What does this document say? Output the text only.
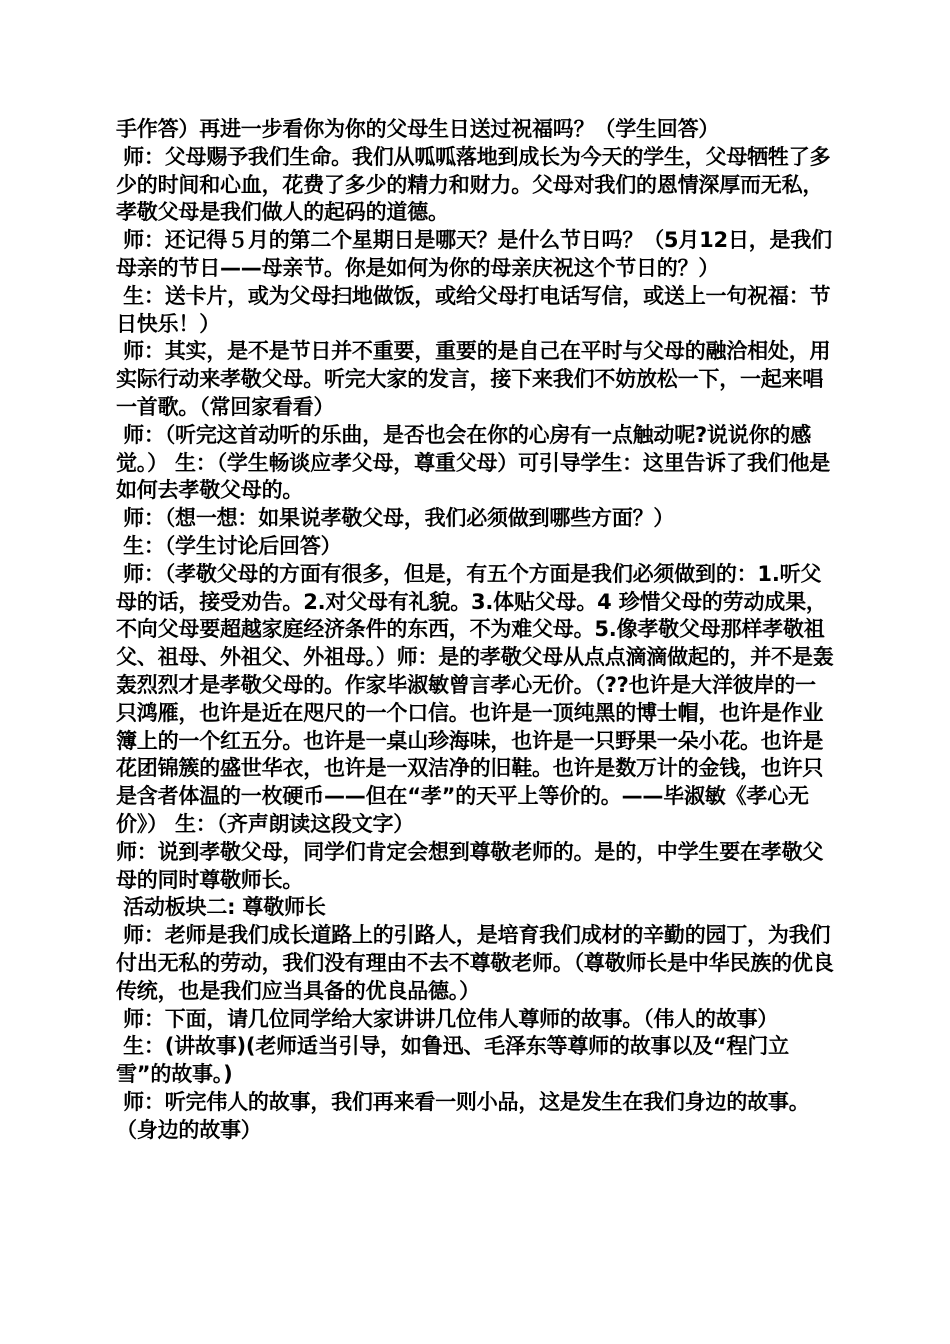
手作答）再进一步看你为你的父母生日送过祝福吗？（学生回答）

师：父母赐予我们生命。我们从呱呱落地到成长为今天的学生，父母牺牲了多少的时间和心血，花费了多少的精力和财力。父母对我们的恩情深厚而无私，孝敬父母是我们做人的起码的道德。

师：还记得５月的第二个星期日是哪天？是什么节日吗？（5月12日，是我们母亲的节日——母亲节。你是如何为你的母亲庆祝这个节日的？）

生：送卡片，或为父母扫地做饭，或给父母打电话写信，或送上一句祝福：节日快乐！）

师：其实，是不是节日并不重要，重要的是自己在平时与父母的融洽相处，用实际行动来孝敬父母。听完大家的发言，接下来我们不妨放松一下，一起来唱一首歌。（常回家看看）

师：（听完这首动听的乐曲，是否也会在你的心房有一点触动呢?说说你的感觉。） 生：（学生畅谈应孝父母，尊重父母）可引导学生：这里告诉了我们他是如何去孝敬父母的。

师：（想一想：如果说孝敬父母，我们必须做到哪些方面？）

生：（学生讨论后回答）

师：（孝敬父母的方面有很多，但是，有五个方面是我们必须做到的：1.听父母的话，接受劝告。2.对父母有礼貌。3.体贴父母。4 珍惜父母的劳动成果，不向父母要超越家庭经济条件的东西，不为难父母。5.像孝敬父母那样孝敬祖父、祖母、外祖父、外祖母。）师：是的孝敬父母从点点滴滴做起的，并不是轰轰烈烈才是孝敬父母的。作家毕淑敏曾言孝心无价。（??也许是大洋彼岸的一只鸿雁，也许是近在咫尺的一个口信。也许是一顶纯黑的博士帽，也许是作业簿上的一个红五分。也许是一桌山珍海味，也许是一只野果一朵小花。也许是花团锦簇的盛世华衣，也许是一双洁净的旧鞋。也许是数万计的金钱，也许只是含者体温的一枚硬币——但在“孝”的天平上等价的。——毕淑敏《孝心无价》） 生：（齐声朗读这段文字）

师：说到孝敬父母，同学们肯定会想到尊敬老师的。是的，中学生要在孝敬父母的同时尊敬师长。

活动板块二: 尊敬师长

师：老师是我们成长道路上的引路人，是培育我们成材的辛勤的园丁，为我们付出无私的劳动，我们没有理由不去不尊敬老师。（尊敬师长是中华民族的优良传统，也是我们应当具备的优良品德。）

师：下面，请几位同学给大家讲讲几位伟人尊师的故事。（伟人的故事）

生：(讲故事)(老师适当引导，如鲁迅、毛泽东等尊师的故事以及“程门立雪”的故事。)

师：听完伟人的故事，我们再来看一则小品，这是发生在我们身边的故事。（身边的故事）
